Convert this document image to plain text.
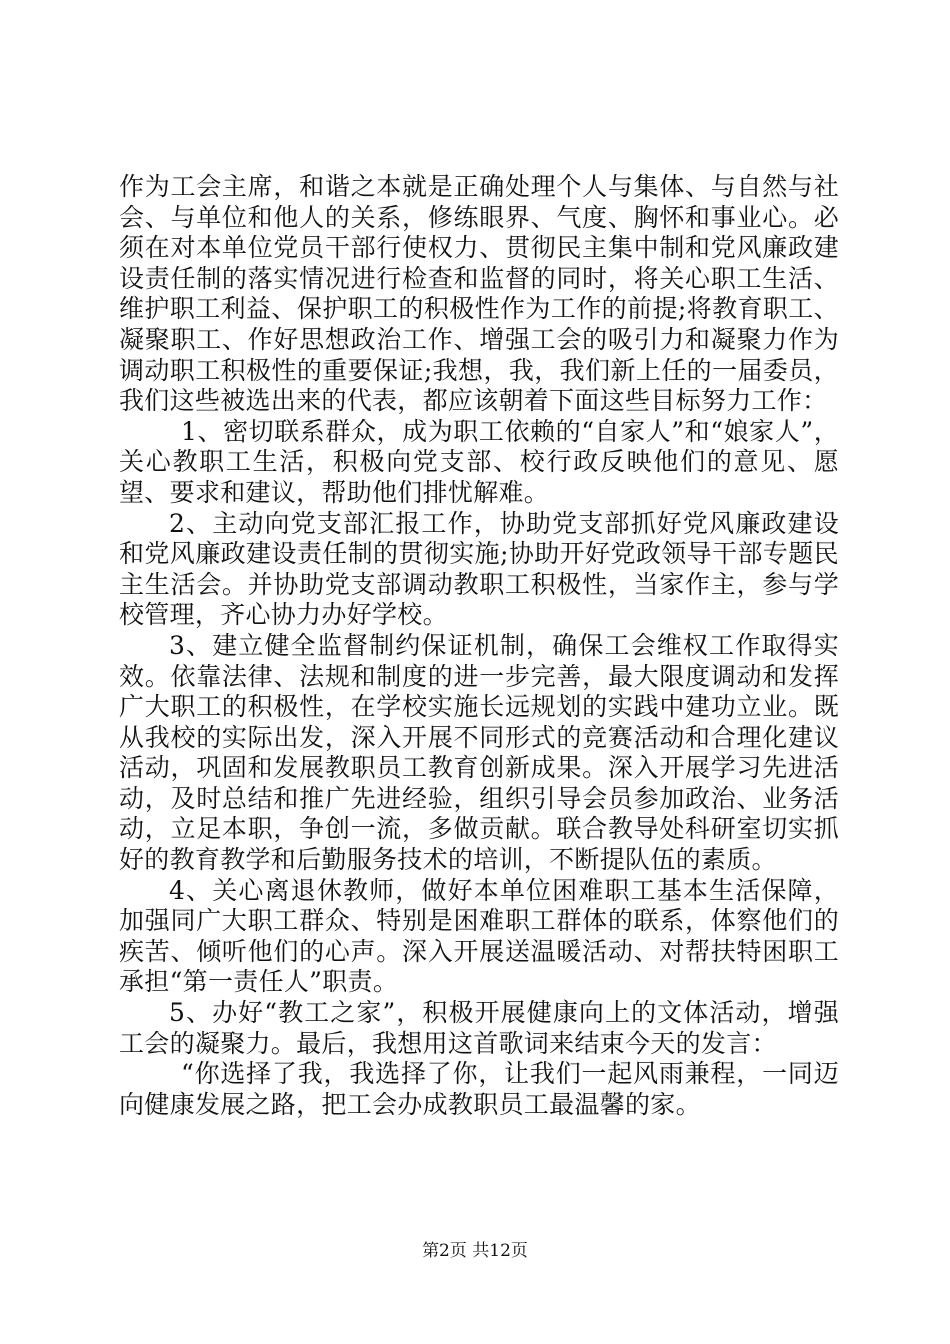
作为工会主席，和谐之本就是正确处理个人与集体、与自然与社会、与单位和他人的关系，修练眼界、气度、胸怀和事业心。必须在对本单位党员干部行使权力、贯彻民主集中制和党风廉政建设责任制的落实情况进行检查和监督的同时，将关心职工生活、维护职工利益、保护职工的积极性作为工作的前提;将教育职工、凝聚职工、作好思想政治工作、增强工会的吸引力和凝聚力作为调动职工积极性的重要保证;我想，我，我们新上任的一届委员，我们这些被选出来的代表，都应该朝着下面这些目标努力工作：

1、密切联系群众，成为职工依赖的“自家人”和“娘家人”，关心教职工生活，积极向党支部、校行政反映他们的意见、愿望、要求和建议，帮助他们排忧解难。

2、主动向党支部汇报工作，协助党支部抓好党风廉政建设和党风廉政建设责任制的贯彻实施;协助开好党政领导干部专题民主生活会。并协助党支部调动教职工积极性，当家作主，参与学校管理，齐心协力办好学校。

3、建立健全监督制约保证机制，确保工会维权工作取得实效。依靠法律、法规和制度的进一步完善，最大限度调动和发挥广大职工的积极性，在学校实施长远规划的实践中建功立业。既从我校的实际出发，深入开展不同形式的竞赛活动和合理化建议活动，巩固和发展教职员工教育创新成果。深入开展学习先进活动，及时总结和推广先进经验，组织引导会员参加政治、业务活动，立足本职，争创一流，多做贡献。联合教导处科研室切实抓好的教育教学和后勤服务技术的培训，不断提队伍的素质。

4、关心离退休教师，做好本单位困难职工基本生活保障，加强同广大职工群众、特别是困难职工群体的联系，体察他们的疾苦、倾听他们的心声。深入开展送温暖活动、对帮扶特困职工承担“第一责任人”职责。

5、办好“教工之家”，积极开展健康向上的文体活动，增强工会的凝聚力。最后，我想用这首歌词来结束今天的发言：

“你选择了我，我选择了你，让我们一起风雨兼程，一同迈向健康发展之路，把工会办成教职员工最温馨的家。

第2页 共12页
